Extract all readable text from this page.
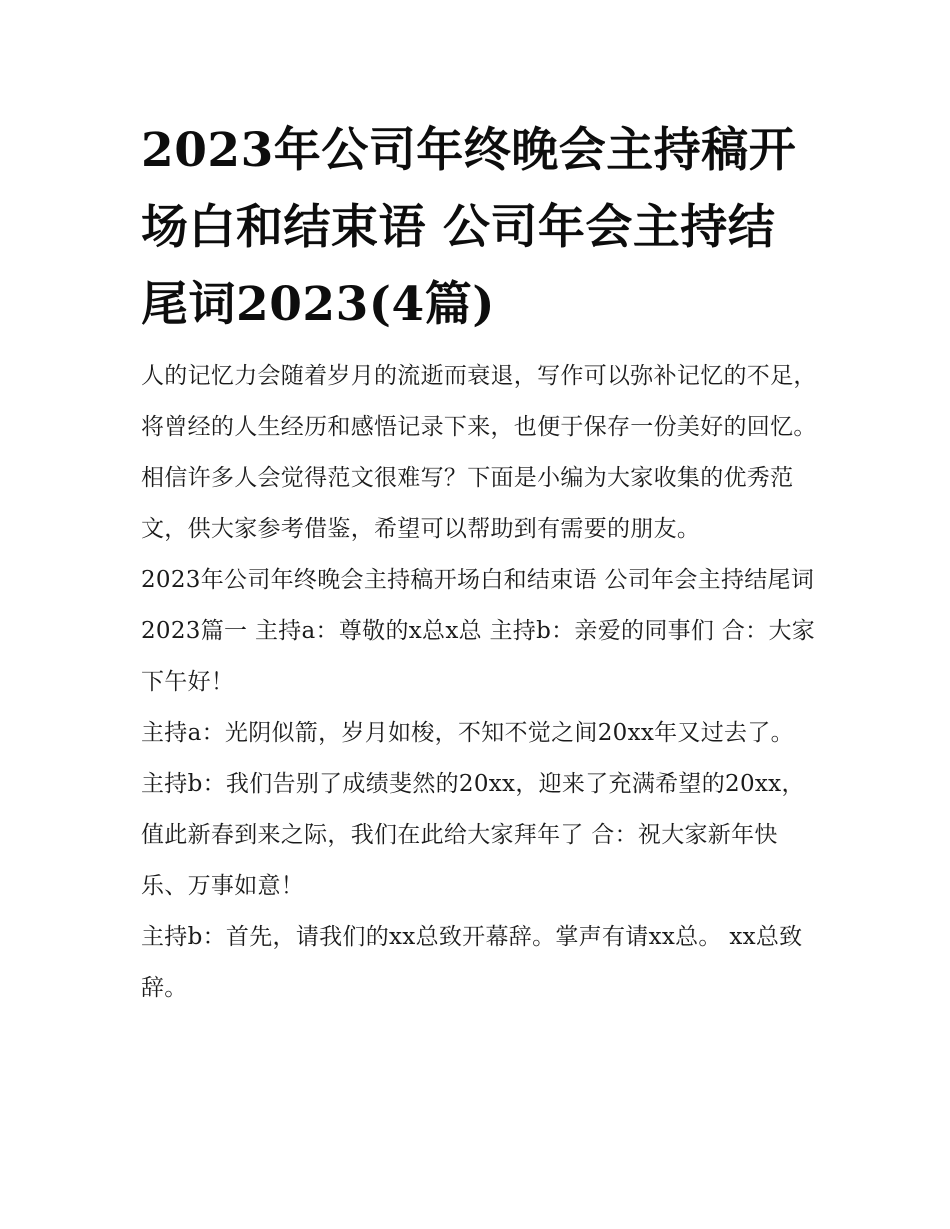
2023年公司年终晚会主持稿开场白和结束语 公司年会主持结尾词2023(4篇)

人的记忆力会随着岁月的流逝而衰退，写作可以弥补记忆的不足，将曾经的人生经历和感悟记录下来，也便于保存一份美好的回忆。相信许多人会觉得范文很难写？下面是小编为大家收集的优秀范文，供大家参考借鉴，希望可以帮助到有需要的朋友。

2023年公司年终晚会主持稿开场白和结束语 公司年会主持结尾词2023篇一 主持a：尊敬的x总x总 主持b：亲爱的同事们 合：大家下午好！

主持a：光阴似箭，岁月如梭，不知不觉之间20xx年又过去了。

主持b：我们告别了成绩斐然的20xx，迎来了充满希望的20xx，值此新春到来之际，我们在此给大家拜年了 合：祝大家新年快乐、万事如意！

主持b：首先，请我们的xx总致开幕辞。掌声有请xx总。 xx总致辞。
